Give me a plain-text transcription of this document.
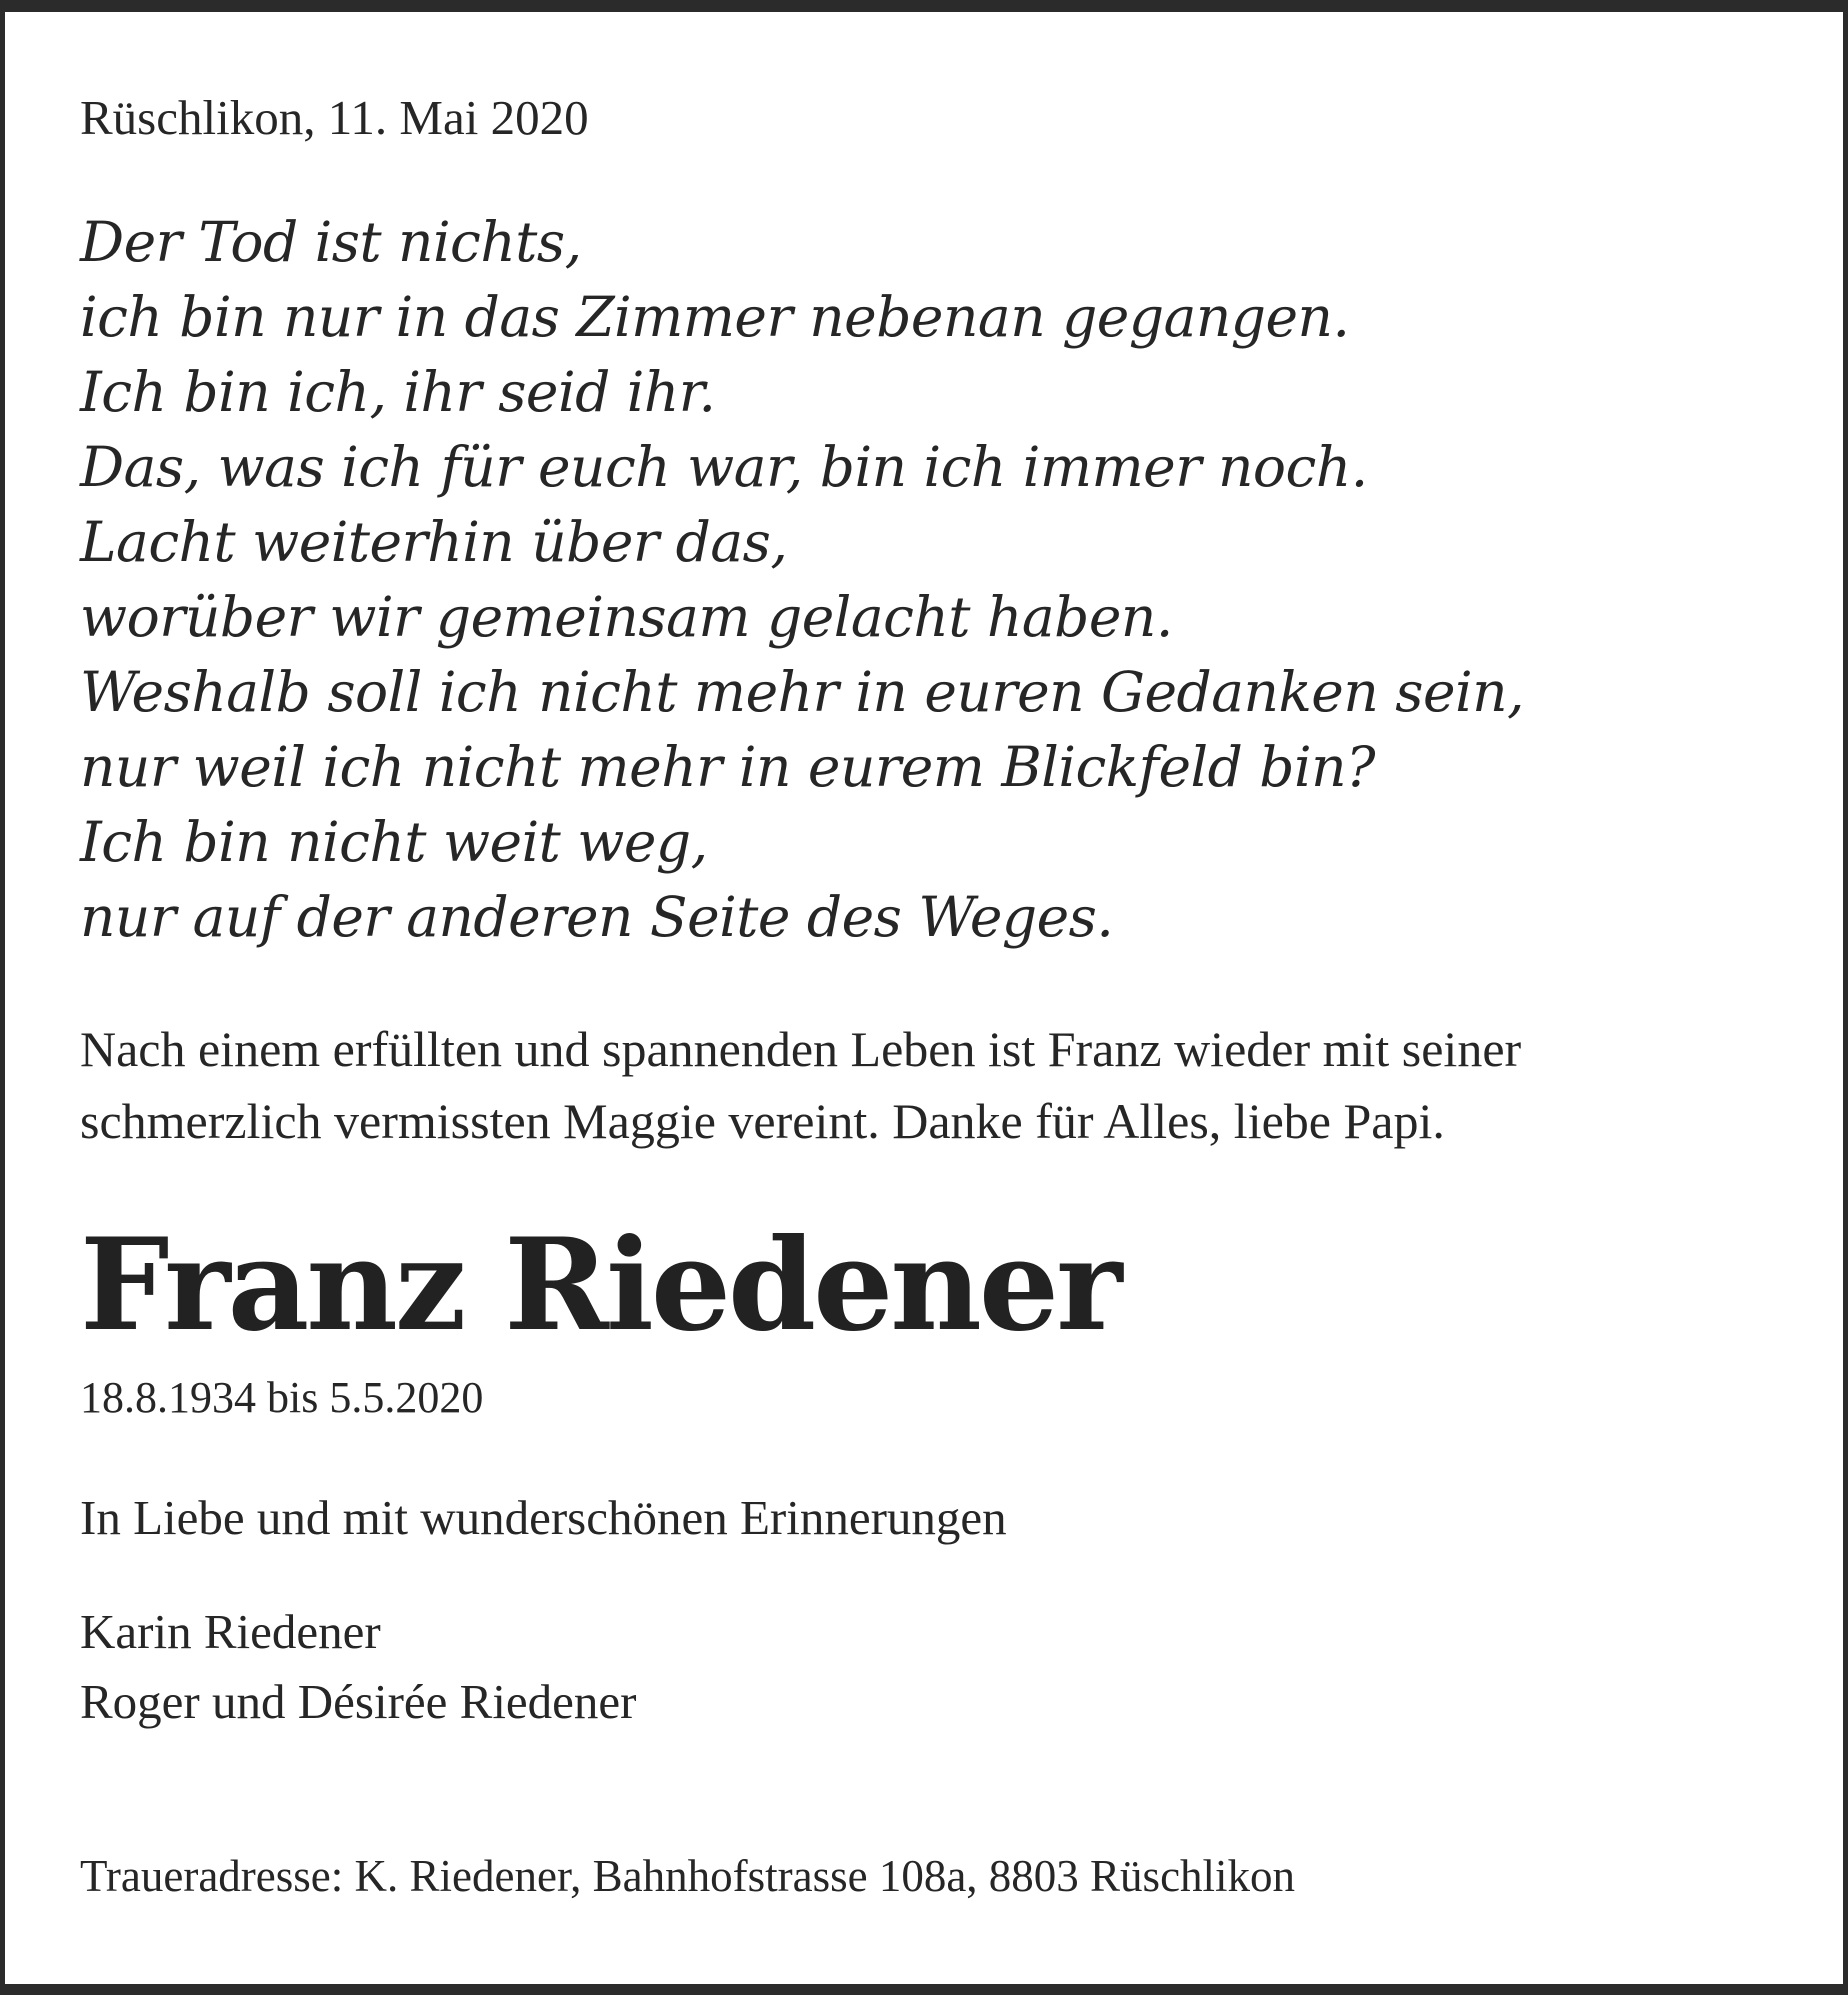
Rüschlikon, 11. Mai 2020
Der Tod ist nichts,
ich bin nur in das Zimmer nebenan gegangen.
Ich bin ich, ihr seid ihr.
Das, was ich für euch war, bin ich immer noch.
Lacht weiterhin über das,
worüber wir gemeinsam gelacht haben.
Weshalb soll ich nicht mehr in euren Gedanken sein,
nur weil ich nicht mehr in eurem Blickfeld bin?
Ich bin nicht weit weg,
nur auf der anderen Seite des Weges.
Nach einem erfüllten und spannenden Leben ist Franz wieder mit seiner
schmerzlich vermissten Maggie vereint. Danke für Alles, liebe Papi.
Franz Riedener
18.8.1934 bis 5.5.2020
In Liebe und mit wunderschönen Erinnerungen
Karin Riedener
Roger und Désirée Riedener
Traueradresse: K. Riedener, Bahnhofstrasse 108a, 8803 Rüschlikon
